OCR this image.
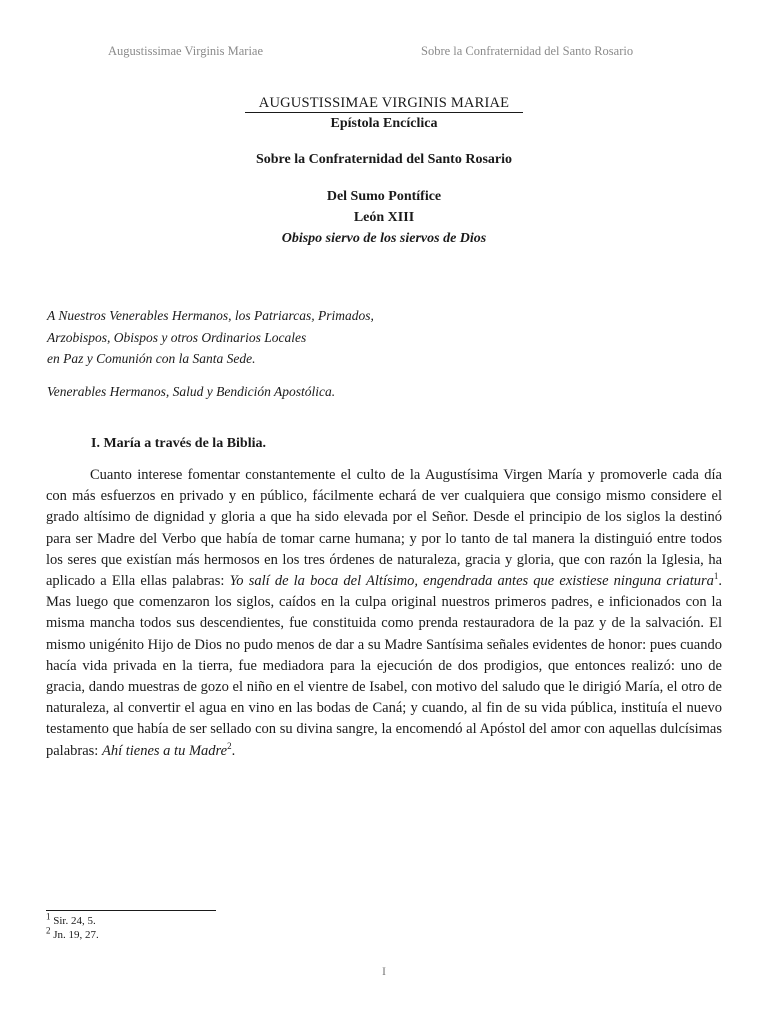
Augustissimae Virginis Mariae	Sobre la Confraternidad del Santo Rosario
AUGUSTISSIMAE VIRGINIS MARIAE
Epístola Encíclica
Sobre la Confraternidad del Santo Rosario
Del Sumo Pontífice
León XIII
Obispo siervo de los siervos de Dios
A Nuestros Venerables Hermanos, los Patriarcas, Primados,
Arzobispos, Obispos y otros Ordinarios Locales
en Paz y Comunión con la Santa Sede.
Venerables Hermanos, Salud y Bendición Apostólica.
I. María a través de la Biblia.

Cuanto interese fomentar constantemente el culto de la Augustísima Virgen María y promoverle cada día con más esfuerzos en privado y en público, fácilmente echará de ver cualquiera que consigo mismo considere el grado altísimo de dignidad y gloria a que ha sido elevada por el Señor. Desde el principio de los siglos la destinó para ser Madre del Verbo que había de tomar carne humana; y por lo tanto de tal manera la distinguió entre todos los seres que existían más hermosos en los tres órdenes de naturaleza, gracia y gloria, que con razón la Iglesia, ha aplicado a Ella ellas palabras: Yo salí de la boca del Altísimo, engendrada antes que existiese ninguna criatura$^1$. Mas luego que comenzaron los siglos, caídos en la culpa original nuestros primeros padres, e inficionados con la misma mancha todos sus descendientes, fue constituida como prenda restauradora de la paz y de la salvación. El mismo unigénito Hijo de Dios no pudo menos de dar a su Madre Santísima señales evidentes de honor: pues cuando hacía vida privada en la tierra, fue mediadora para la ejecución de dos prodigios, que entonces realizó: uno de gracia, dando muestras de gozo el niño en el vientre de Isabel, con motivo del saludo que le dirigió María, el otro de naturaleza, al convertir el agua en vino en las bodas de Caná; y cuando, al fin de su vida pública, instituía el nuevo testamento que había de ser sellado con su divina sangre, la encomendó al Apóstol del amor con aquellas dulcísimas palabras: Ahí tienes a tu Madre$^2$.

$^1$ Sir. 24, 5.
$^2$ Jn. 19, 27.
I
